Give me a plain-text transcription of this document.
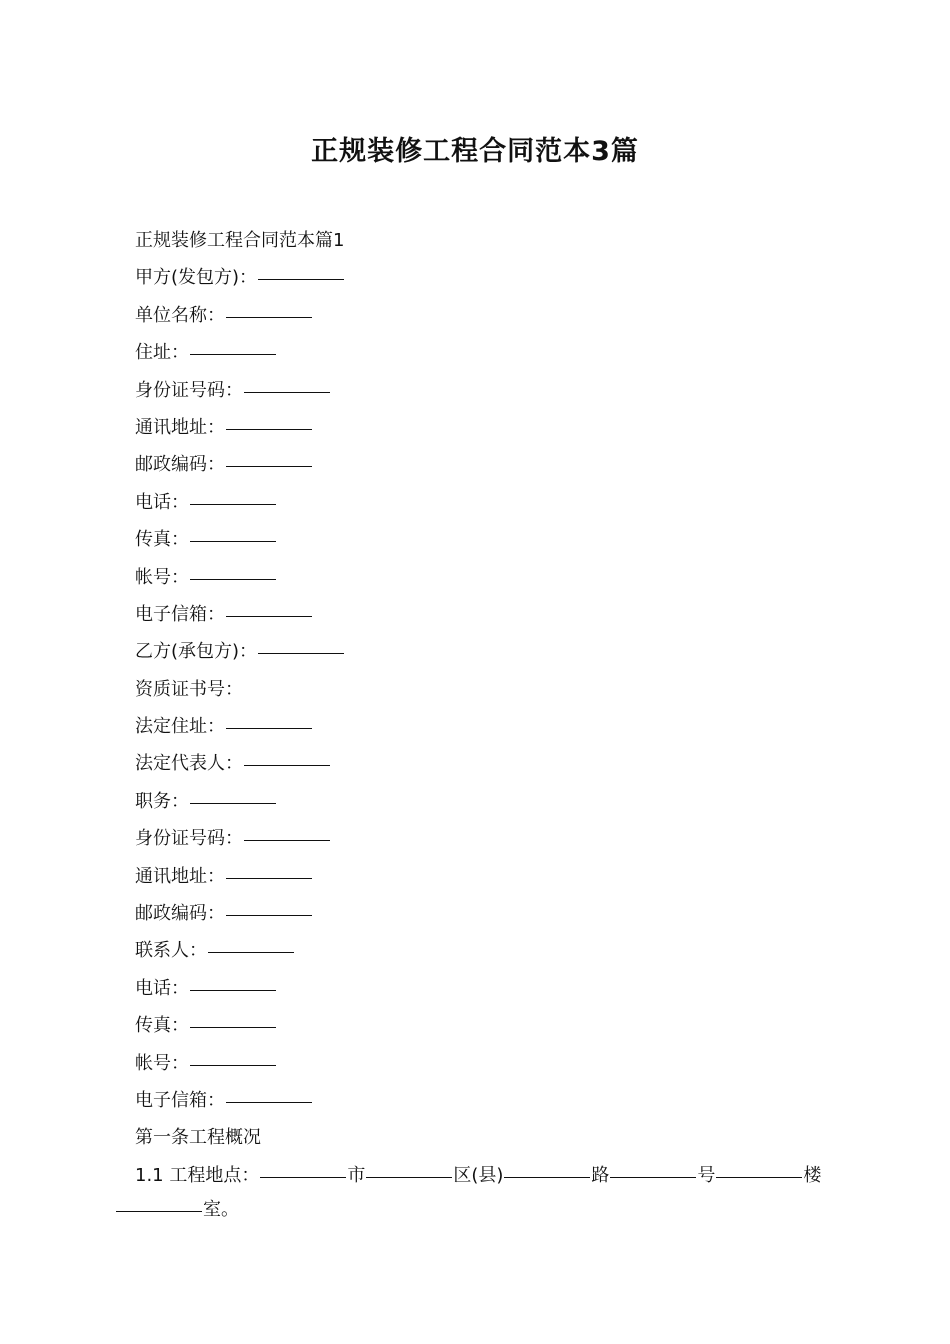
正规装修工程合同范本3篇
正规装修工程合同范本篇1
甲方(发包方)：
单位名称：
住址：
身份证号码：
通讯地址：
邮政编码：
电话：
传真：
帐号：
电子信箱：
乙方(承包方)：
资质证书号：
法定住址：
法定代表人：
职务：
身份证号码：
通讯地址：
邮政编码：
联系人：
电话：
传真：
帐号：
电子信箱：
第一条工程概况
1.1 工程地点：	市	区(县)	路	号	楼
室。
